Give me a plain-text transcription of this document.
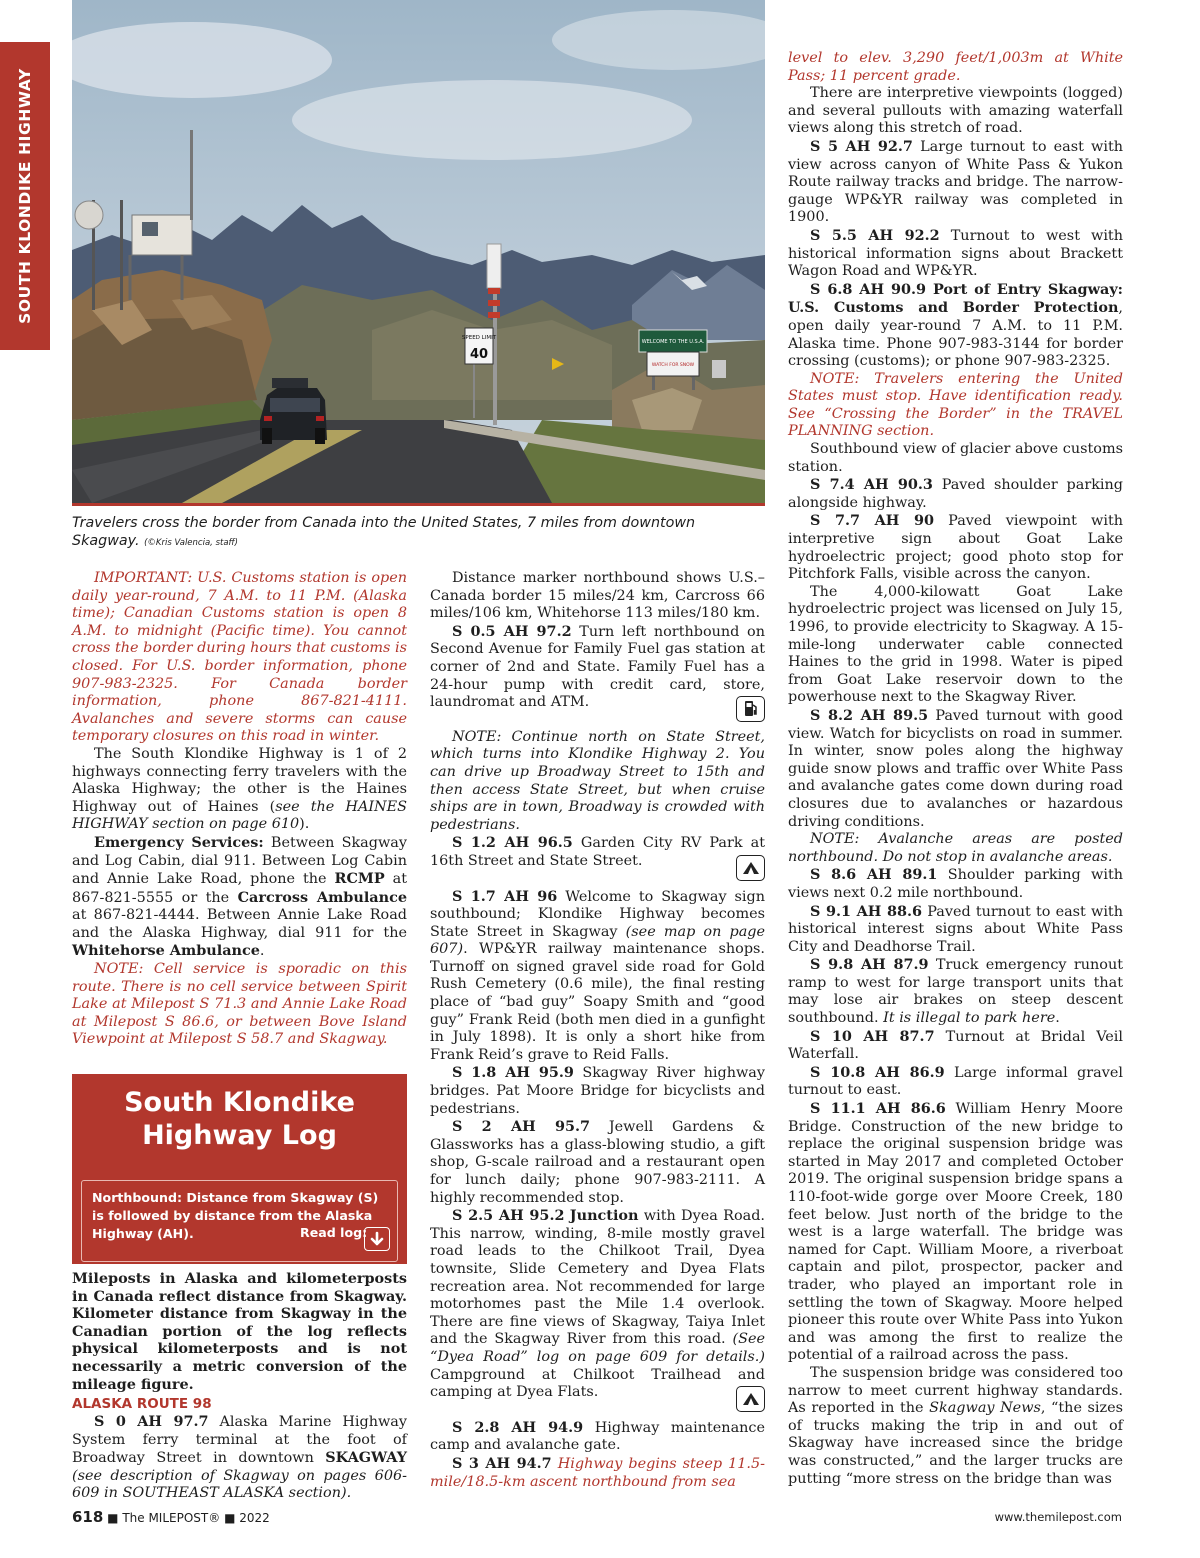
SOUTH KLONDIKE HIGHWAY
SPEED LIMIT
40
WELCOME TO THE U.S.A.
WATCH FOR SNOW
Travelers cross the border from Canada into the United States, 7 miles from downtown Skagway. (©Kris Valencia, staff)

IMPORTANT: U.S. Customs station is open daily year-round, 7 A.M. to 11 P.M. (Alaska time); Canadian Customs station is open 8 A.M. to midnight (Pacific time). You cannot cross the border during hours that customs is closed. For U.S. border information, phone 907-983-2325. For Canada border information, phone 867-821-4111. Avalanches and severe storms can cause temporary closures on this road in winter.

The South Klondike Highway is 1 of 2 highways connecting ferry travelers with the Alaska Highway; the other is the Haines Highway out of Haines (see the HAINES HIGHWAY section on page 610).

Emergency Services: Between Skagway and Log Cabin, dial 911. Between Log Cabin and Annie Lake Road, phone the RCMP at 867-821-5555 or the Carcross Ambulance at 867-821-4444. Between Annie Lake Road and the Alaska Highway, dial 911 for the Whitehorse Ambulance.

NOTE: Cell service is sporadic on this route. There is no cell service between Spirit Lake at Milepost S 71.3 and Annie Lake Road at Milepost S 86.6, or between Bove Island Viewpoint at Milepost S 58.7 and Skagway.

South Klondike Highway Log
Northbound: Distance from Skagway (S) is followed by distance from the Alaska Highway (AH).	Read log:
Mileposts in Alaska and kilometerposts in Canada reflect distance from Skagway. Kilometer distance from Skagway in the Canadian portion of the log reflects physical kilometerposts and is not necessarily a metric conversion of the mileage figure.
ALASKA ROUTE 98

S 0 AH 97.7 Alaska Marine Highway System ferry terminal at the foot of Broadway Street in downtown SKAGWAY (see description of Skagway on pages 606-609 in SOUTHEAST ALASKA section).

Distance marker northbound shows U.S.–Canada border 15 miles/24 km, Carcross 66 miles/106 km, Whitehorse 113 miles/180 km.

S 0.5 AH 97.2 Turn left northbound on Second Avenue for Family Fuel gas station at corner of 2nd and State. Family Fuel has a 24-hour pump with credit card, store, laundromat and ATM.

NOTE: Continue north on State Street, which turns into Klondike Highway 2. You can drive up Broadway Street to 15th and then access State Street, but when cruise ships are in town, Broadway is crowded with pedestrians.

S 1.2 AH 96.5 Garden City RV Park at 16th Street and State Street.

S 1.7 AH 96 Welcome to Skagway sign southbound; Klondike Highway becomes State Street in Skagway (see map on page 607). WP&YR railway maintenance shops. Turnoff on signed gravel side road for Gold Rush Cemetery (0.6 mile), the final resting place of “bad guy” Soapy Smith and “good guy” Frank Reid (both men died in a gunfight in July 1898). It is only a short hike from Frank Reid’s grave to Reid Falls.

S 1.8 AH 95.9 Skagway River highway bridges. Pat Moore Bridge for bicyclists and pedestrians.

S 2 AH 95.7 Jewell Gardens & Glassworks has a glass-blowing studio, a gift shop, G-scale railroad and a restaurant open for lunch daily; phone 907-983-2111. A highly recommended stop.

S 2.5 AH 95.2 Junction with Dyea Road. This narrow, winding, 8-mile mostly gravel road leads to the Chilkoot Trail, Dyea townsite, Slide Cemetery and Dyea Flats recreation area. Not recommended for large motorhomes past the Mile 1.4 overlook. There are fine views of Skagway, Taiya Inlet and the Skagway River from this road. (See “Dyea Road” log on page 609 for details.) Campground at Chilkoot Trailhead and camping at Dyea Flats.

S 2.8 AH 94.9 Highway maintenance camp and avalanche gate.

S 3 AH 94.7 Highway begins steep 11.5-mile/18.5-km ascent northbound from sea

level to elev. 3,290 feet/1,003m at White Pass; 11 percent grade.

There are interpretive viewpoints (logged) and several pullouts with amazing waterfall views along this stretch of road.

S 5 AH 92.7 Large turnout to east with view across canyon of White Pass & Yukon Route railway tracks and bridge. The narrow-gauge WP&YR railway was completed in 1900.

S 5.5 AH 92.2 Turnout to west with historical information signs about Brackett Wagon Road and WP&YR.

S 6.8 AH 90.9 Port of Entry Skagway: U.S. Customs and Border Protection, open daily year-round 7 A.M. to 11 P.M. Alaska time. Phone 907-983-3144 for border crossing (customs); or phone 907-983-2325.

NOTE: Travelers entering the United States must stop. Have identification ready. See “Crossing the Border” in the TRAVEL PLANNING section.

Southbound view of glacier above customs station.

S 7.4 AH 90.3 Paved shoulder parking alongside highway.

S 7.7 AH 90 Paved viewpoint with interpretive sign about Goat Lake hydroelectric project; good photo stop for Pitchfork Falls, visible across the canyon.

The 4,000-kilowatt Goat Lake hydroelectric project was licensed on July 15, 1996, to provide electricity to Skagway. A 15-mile-long underwater cable connected Haines to the grid in 1998. Water is piped from Goat Lake reservoir down to the powerhouse next to the Skagway River.

S 8.2 AH 89.5 Paved turnout with good view. Watch for bicyclists on road in summer. In winter, snow poles along the highway guide snow plows and traffic over White Pass and avalanche gates come down during road closures due to avalanches or hazardous driving conditions.

NOTE: Avalanche areas are posted northbound. Do not stop in avalanche areas.

S 8.6 AH 89.1 Shoulder parking with views next 0.2 mile northbound.

S 9.1 AH 88.6 Paved turnout to east with historical interest signs about White Pass City and Deadhorse Trail.

S 9.8 AH 87.9 Truck emergency runout ramp to west for large transport units that may lose air brakes on steep descent southbound. It is illegal to park here.

S 10 AH 87.7 Turnout at Bridal Veil Waterfall.

S 10.8 AH 86.9 Large informal gravel turnout to east.

S 11.1 AH 86.6 William Henry Moore Bridge. Construction of the new bridge to replace the original suspension bridge was started in May 2017 and completed October 2019. The original suspension bridge spans a 110-foot-wide gorge over Moore Creek, 180 feet below. Just north of the bridge to the west is a large waterfall. The bridge was named for Capt. William Moore, a riverboat captain and pilot, prospector, packer and trader, who played an important role in settling the town of Skagway. Moore helped pioneer this route over White Pass into Yukon and was among the first to realize the potential of a railroad across the pass.

The suspension bridge was considered too narrow to meet current highway standards. As reported in the Skagway News, “the sizes of trucks making the trip in and out of Skagway have increased since the bridge was constructed,” and the larger trucks are putting “more stress on the bridge than was

618 ■ The MILEPOST® ■ 2022	www.themilepost.com
